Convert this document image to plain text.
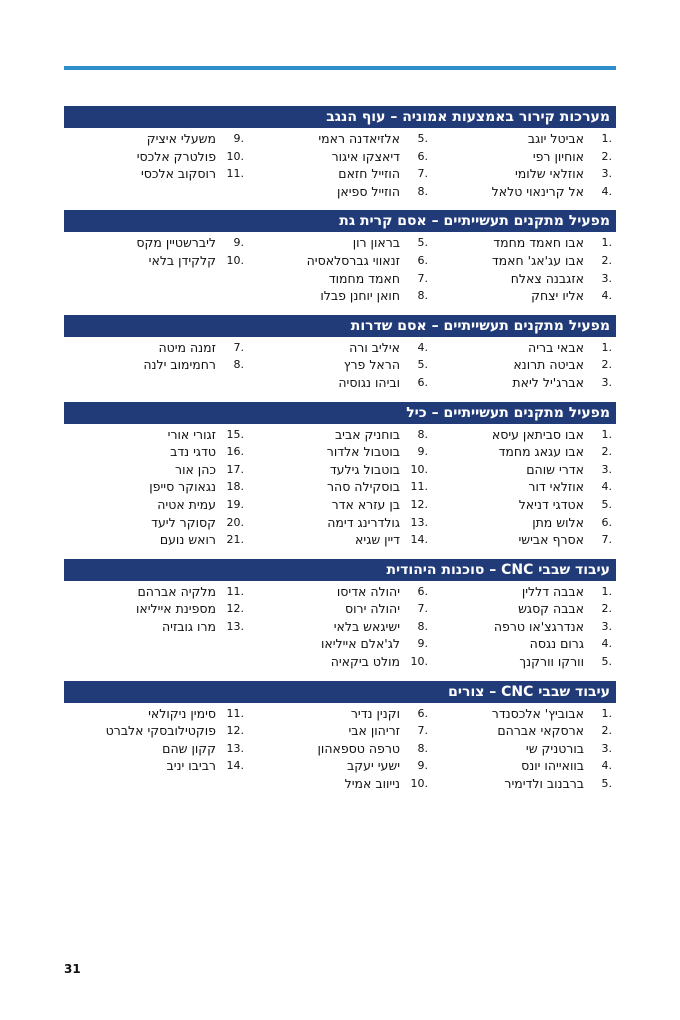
מערכות קירור באמצעות אמוניה – עוף הנגב
1.
אביטל יוגב
2.
אוחיון רפי
3.
אוזלאי שלומי
4.
אל קרינאוי טלאל
5.
אלזיאדנה ראמי
6.
דיאצקו איגור
7.
הוזייל חזאם
8.
הוזייל ספיאן
9.
משעלי איציק
10.
פולטרק אלכסי
11.
רוסקוב אלכסי
מפעיל מתקנים תעשייתיים – אסם קרית גת
1.
אבו חאמד מחמד
2.
אבו עג'אג' חאמד
3.
אזגבנה צאלח
4.
אליו יצחק
5.
בראון רון
6.
זנאווי גברסלאסיה
7.
חאמד מחמוד
8.
חואן יוחנן פבלו
9.
ליברשטיין מקס
10.
קלקידן בלאי
מפעיל מתקנים תעשייתיים – אסם שדרות
1.
אבאי בריה
2.
אביטה תרונא
3.
אברג'יל ליאת
4.
איליב ורה
5.
הראל פרץ
6.
וביהו נגוסיה
7.
זמנה מיטה
8.
רחמימוב ילנה
מפעיל מתקנים תעשייתיים – כיל
1.
אבו סביתאן עיסא
2.
אבו עגאג מחמד
3.
אדרי שוהם
4.
אוזלאי דור
5.
אטדגי דניאל
6.
אלוש מתן
7.
אסרף אבישי
8.
בוחניק אביב
9.
בוטבול אלדור
10.
בוטבול גילעד
11.
בוסקילה סהר
12.
בן עזרא אדר
13.
גולדרינג דימה
14.
דיין שגיא
15.
זגורי אורי
16.
טדגי נדב
17.
כהן אור
18.
נגאוקר סייפן
19.
עמית אטיה
20.
קסוקר ליעד
21.
רואש נועם
עיבוד שבבי CNC – סוכנות היהודית
1.
אבבה דללין
2.
אבבה קסגש
3.
אנדרגצ'או טרפה
4.
גרום נגסה
5.
וורקו וורקנך
6.
יהולה אדיסו
7.
יהולה ירוס
8.
ישיגאש בלאי
9.
לג'אלם אייליאו
10.
מולט ביקאיה
11.
מלקיה אברהם
12.
מספינת אייליאו
13.
מרו גובזיה
עיבוד שבבי CNC – צורים
1.
אבוביץ' אלכסנדר
2.
ארסקאי אברהם
3.
בורטניק שי
4.
בוואייהו יונס
5.
ברבנוב ולדימיר
6.
וקנין נדיר
7.
זריהון אבי
8.
טרפה טספאהון
9.
ישעי יעקב
10.
נייווב אמיל
11.
סימין ניקולאי
12.
פוקטילובסקי אלברט
13.
קקון שהם
14.
רביבו יניב
31
